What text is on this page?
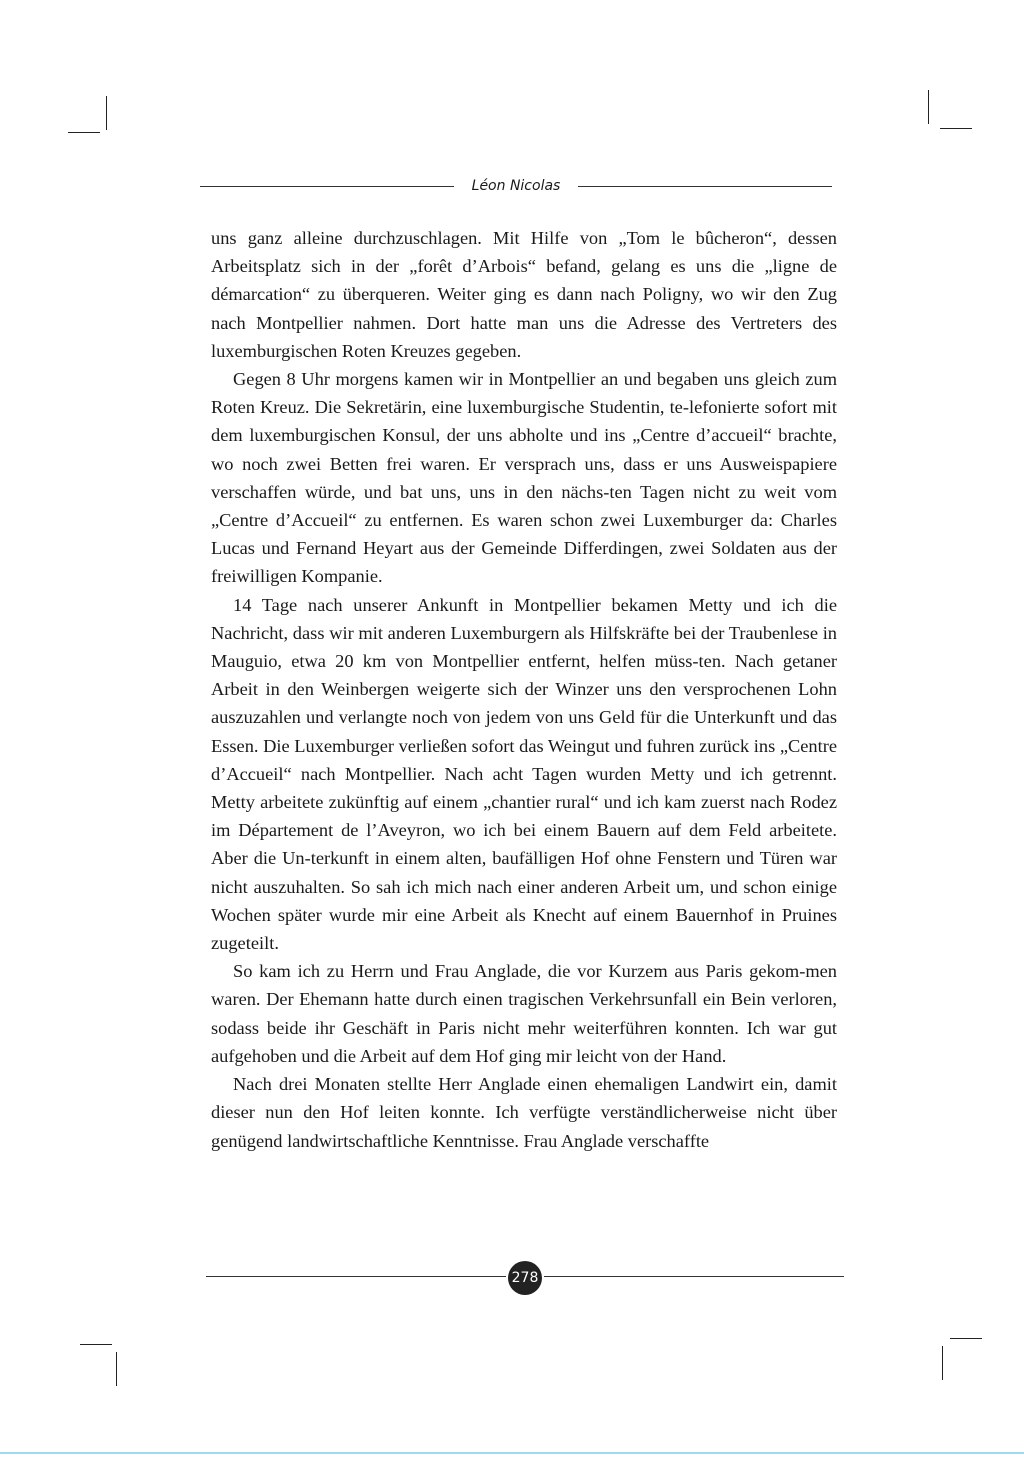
Léon Nicolas

uns ganz alleine durchzuschlagen. Mit Hilfe von „Tom le bûcheron“, dessen Arbeitsplatz sich in der „forêt d’Arbois“ befand, gelang es uns die „ligne de démarcation“ zu überqueren. Weiter ging es dann nach Poligny, wo wir den Zug nach Montpellier nahmen. Dort hatte man uns die Adresse des Vertreters des luxemburgischen Roten Kreuzes gegeben.

Gegen 8 Uhr morgens kamen wir in Montpellier an und begaben uns gleich zum Roten Kreuz. Die Sekretärin, eine luxemburgische Studentin, te-lefonierte sofort mit dem luxemburgischen Konsul, der uns abholte und ins „Centre d’accueil“ brachte, wo noch zwei Betten frei waren. Er versprach uns, dass er uns Ausweispapiere verschaffen würde, und bat uns, uns in den nächs-ten Tagen nicht zu weit vom „Centre d’Accueil“ zu entfernen. Es waren schon zwei Luxemburger da: Charles Lucas und Fernand Heyart aus der Gemeinde Differdingen, zwei Soldaten aus der freiwilligen Kompanie.

14 Tage nach unserer Ankunft in Montpellier bekamen Metty und ich die Nachricht, dass wir mit anderen Luxemburgern als Hilfskräfte bei der Traubenlese in Mauguio, etwa 20 km von Montpellier entfernt, helfen müss-ten. Nach getaner Arbeit in den Weinbergen weigerte sich der Winzer uns den versprochenen Lohn auszuzahlen und verlangte noch von jedem von uns Geld für die Unterkunft und das Essen. Die Luxemburger verließen sofort das Weingut und fuhren zurück ins „Centre d’Accueil“ nach Montpellier. Nach acht Tagen wurden Metty und ich getrennt. Metty arbeitete zukünftig auf einem „chantier rural“ und ich kam zuerst nach Rodez im Département de l’Aveyron, wo ich bei einem Bauern auf dem Feld arbeitete. Aber die Un-terkunft in einem alten, baufälligen Hof ohne Fenstern und Türen war nicht auszuhalten. So sah ich mich nach einer anderen Arbeit um, und schon einige Wochen später wurde mir eine Arbeit als Knecht auf einem Bauernhof in Pruines zugeteilt.

So kam ich zu Herrn und Frau Anglade, die vor Kurzem aus Paris gekom-men waren. Der Ehemann hatte durch einen tragischen Verkehrsunfall ein Bein verloren, sodass beide ihr Geschäft in Paris nicht mehr weiterführen konnten. Ich war gut aufgehoben und die Arbeit auf dem Hof ging mir leicht von der Hand.

Nach drei Monaten stellte Herr Anglade einen ehemaligen Landwirt ein, damit dieser nun den Hof leiten konnte. Ich verfügte verständlicherweise nicht über genügend landwirtschaftliche Kenntnisse. Frau Anglade verschaffte

278
